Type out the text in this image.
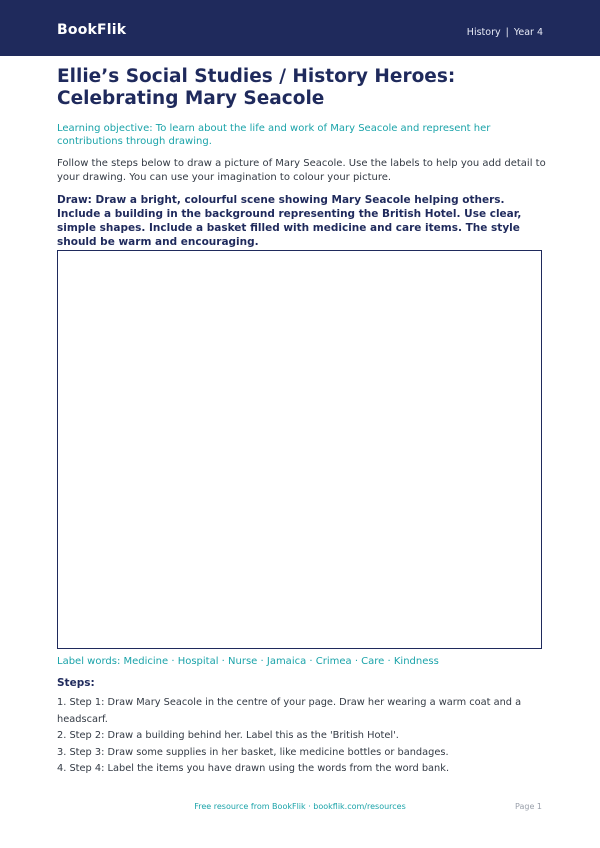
BookFlik	History | Year 4
Ellie’s Social Studies / History Heroes: Celebrating Mary Seacole
Learning objective: To learn about the life and work of Mary Seacole and represent her contributions through drawing.
Follow the steps below to draw a picture of Mary Seacole. Use the labels to help you add detail to your drawing. You can use your imagination to colour your picture.
Draw: Draw a bright, colourful scene showing Mary Seacole helping others. Include a building in the background representing the British Hotel. Use clear, simple shapes. Include a basket filled with medicine and care items. The style should be warm and encouraging.
Label words: Medicine · Hospital · Nurse · Jamaica · Crimea · Care · Kindness
Steps:
1. Step 1: Draw Mary Seacole in the centre of your page. Draw her wearing a warm coat and a headscarf.
2. Step 2: Draw a building behind her. Label this as the 'British Hotel'.
3. Step 3: Draw some supplies in her basket, like medicine bottles or bandages.
4. Step 4: Label the items you have drawn using the words from the word bank.
Free resource from BookFlik · bookflik.com/resources	Page 1
